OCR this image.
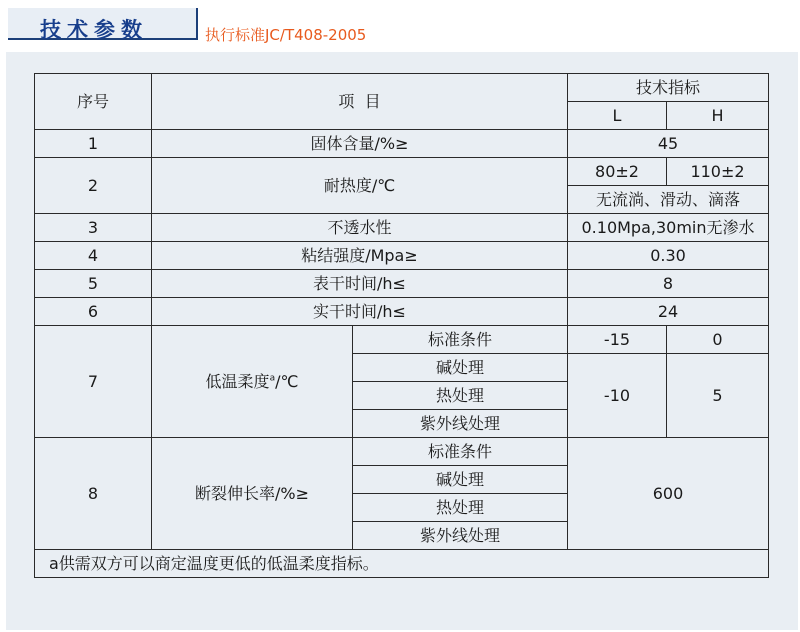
技术参数	执行标准JC/T408-2005
序号	项  目		技术指标	
			L	H
1	固体含量/%≥		45	
2	耐热度/℃		80±2	110±2
			无流淌、滑动、滴落	
3	不透水性		0.10Mpa,30min无渗水	
4	粘结强度/Mpa≥		0.30	
5	表干时间/h≤		8	
6	实干时间/h≤		24	
7	低温柔度$^a$/℃	标准条件	-15	0
		碱处理	-10	5
		热处理		
		紫外线处理		
8	断裂伸长率/%≥	标准条件	600	
		碱处理		
		热处理		
		紫外线处理		
a供需双方可以商定温度更低的低温柔度指标。				
